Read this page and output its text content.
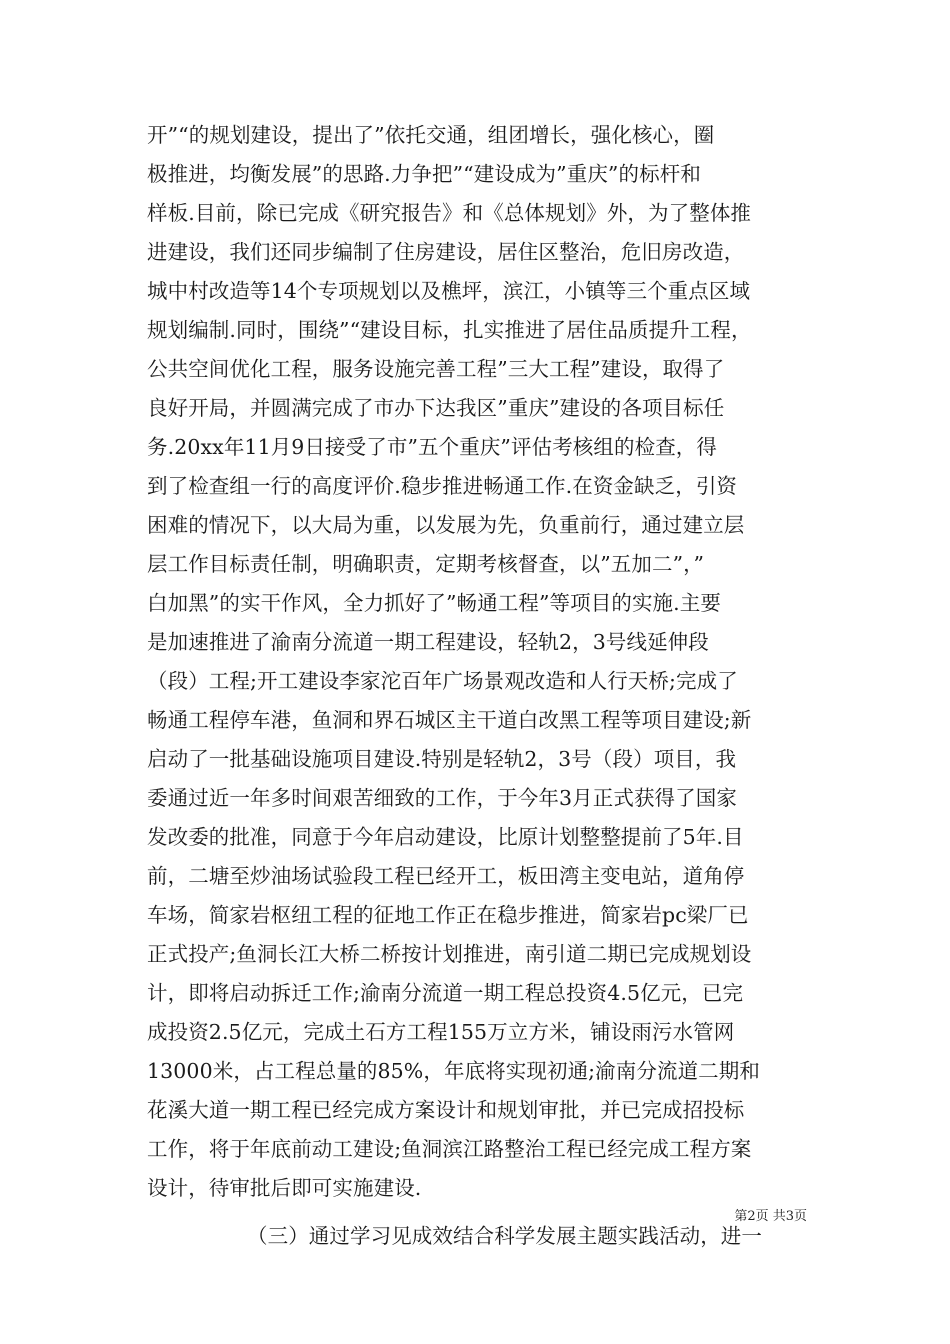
开”“的规划建设，提出了”依托交通，组团增长，强化核心，圈
极推进，均衡发展”的思路.力争把”“建设成为”重庆”的标杆和
样板.目前，除已完成《研究报告》和《总体规划》外，为了整体推
进建设，我们还同步编制了住房建设，居住区整治，危旧房改造，
城中村改造等14个专项规划以及樵坪，滨江，小镇等三个重点区域
规划编制.同时，围绕”“建设目标，扎实推进了居住品质提升工程，
公共空间优化工程，服务设施完善工程”三大工程”建设，取得了
良好开局，并圆满完成了市办下达我区”重庆”建设的各项目标任
务.20xx年11月9日接受了市”五个重庆”评估考核组的检查，得
到了检查组一行的高度评价.稳步推进畅通工作.在资金缺乏，引资
困难的情况下，以大局为重，以发展为先，负重前行，通过建立层
层工作目标责任制，明确职责，定期考核督查，以”五加二”，”
白加黑”的实干作风，全力抓好了”畅通工程”等项目的实施.主要
是加速推进了渝南分流道一期工程建设，轻轨2，3号线延伸段
（段）工程;开工建设李家沱百年广场景观改造和人行天桥;完成了
畅通工程停车港，鱼洞和界石城区主干道白改黑工程等项目建设;新
启动了一批基础设施项目建设.特别是轻轨2，3号（段）项目，我
委通过近一年多时间艰苦细致的工作，于今年3月正式获得了国家
发改委的批准，同意于今年启动建设，比原计划整整提前了5年.目
前，二塘至炒油场试验段工程已经开工，板田湾主变电站，道角停
车场，简家岩枢纽工程的征地工作正在稳步推进，简家岩pc梁厂已
正式投产;鱼洞长江大桥二桥按计划推进，南引道二期已完成规划设
计，即将启动拆迁工作;渝南分流道一期工程总投资4.5亿元，已完
成投资2.5亿元，完成土石方工程155万立方米，铺设雨污水管网
13000米，占工程总量的85%，年底将实现初通;渝南分流道二期和
花溪大道一期工程已经完成方案设计和规划审批，并已完成招投标
工作，将于年底前动工建设;鱼洞滨江路整治工程已经完成工程方案
设计，待审批后即可实施建设.
（三）通过学习见成效结合科学发展主题实践活动，进一
第2页 共3页
